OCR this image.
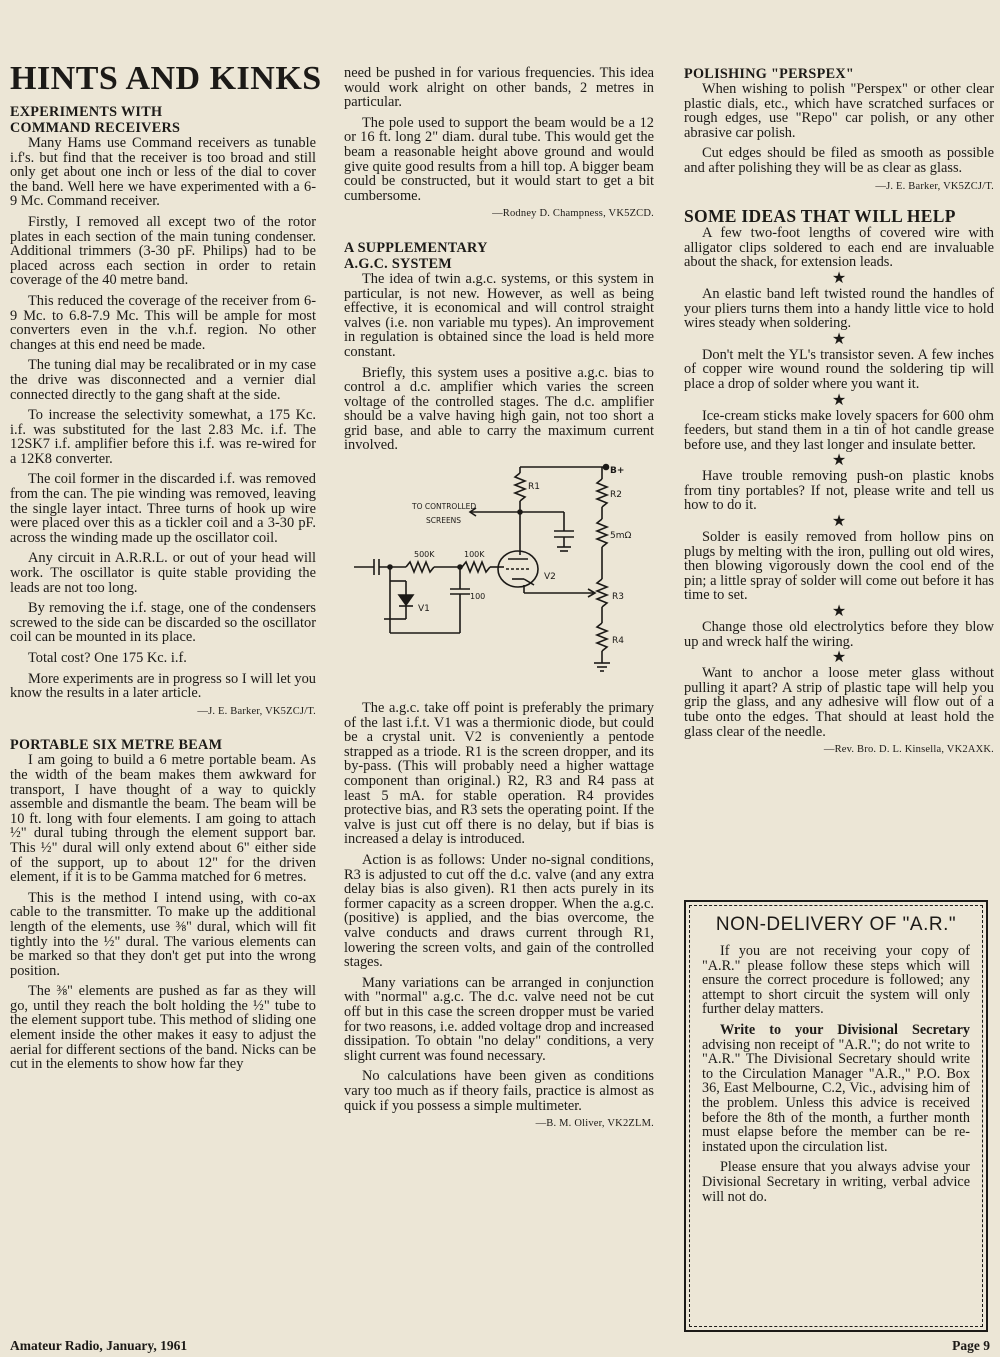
HINTS AND KINKS
EXPERIMENTS WITH
COMMAND RECEIVERS

Many Hams use Command receivers as tunable i.f's. but find that the receiver is too broad and still only get about one inch or less of the dial to cover the band. Well here we have experimented with a 6-9 Mc. Command receiver.

Firstly, I removed all except two of the rotor plates in each section of the main tuning condenser. Additional trimmers (3-30 pF. Philips) had to be placed across each section in order to retain coverage of the 40 metre band.

This reduced the coverage of the receiver from 6-9 Mc. to 6.8-7.9 Mc. This will be ample for most converters even in the v.h.f. region. No other changes at this end need be made.

The tuning dial may be recalibrated or in my case the drive was disconnected and a vernier dial connected directly to the gang shaft at the side.

To increase the selectivity somewhat, a 175 Kc. i.f. was substituted for the last 2.83 Mc. i.f. The 12SK7 i.f. amplifier before this i.f. was re-wired for a 12K8 converter.

The coil former in the discarded i.f. was removed from the can. The pie winding was removed, leaving the single layer intact. Three turns of hook up wire were placed over this as a tickler coil and a 3-30 pF. across the winding made up the oscillator coil.

Any circuit in A.R.R.L. or out of your head will work. The oscillator is quite stable providing the leads are not too long.

By removing the i.f. stage, one of the condensers screwed to the side can be discarded so the oscillator coil can be mounted in its place.

Total cost? One 175 Kc. i.f.

More experiments are in progress so I will let you know the results in a later article.

—J. E. Barker, VK5ZCJ/T.

PORTABLE SIX METRE BEAM

I am going to build a 6 metre portable beam. As the width of the beam makes them awkward for transport, I have thought of a way to quickly assemble and dismantle the beam. The beam will be 10 ft. long with four elements. I am going to attach ½" dural tubing through the element support bar. This ½" dural will only extend about 6" either side of the support, up to about 12" for the driven element, if it is to be Gamma matched for 6 metres.

This is the method I intend using, with co-ax cable to the transmitter. To make up the additional length of the elements, use ⅜" dural, which will fit tightly into the ½" dural. The various elements can be marked so that they don't get put into the wrong position.

The ⅜" elements are pushed as far as they will go, until they reach the bolt holding the ½" tube to the element support tube. This method of sliding one element inside the other makes it easy to adjust the aerial for different sections of the band. Nicks can be cut in the elements to show how far they

need be pushed in for various frequencies. This idea would work alright on other bands, 2 metres in particular.

The pole used to support the beam would be a 12 or 16 ft. long 2" diam. dural tube. This would get the beam a reasonable height above ground and would give quite good results from a hill top. A bigger beam could be constructed, but it would start to get a bit cumbersome.

—Rodney D. Champness, VK5ZCD.

A SUPPLEMENTARY
A.G.C. SYSTEM

The idea of twin a.g.c. systems, or this system in particular, is not new. However, as well as being effective, it is economical and will control straight valves (i.e. non variable mu types). An improvement in regulation is obtained since the load is held more constant.

Briefly, this system uses a positive a.g.c. bias to control a d.c. amplifier which varies the screen voltage of the controlled stages. The d.c. amplifier should be a valve having high gain, not too short a grid base, and able to carry the maximum current involved.

B+
R1
R2
5mΩ
TO CONTROLLED
SCREENS
500K	100K
V2
V1
100	R3
R4

The a.g.c. take off point is preferably the primary of the last i.f.t. V1 was a thermionic diode, but could be a crystal unit. V2 is conveniently a pentode strapped as a triode. R1 is the screen dropper, and its by-pass. (This will probably need a higher wattage component than original.) R2, R3 and R4 pass at least 5 mA. for stable operation. R4 provides protective bias, and R3 sets the operating point. If the valve is just cut off there is no delay, but if bias is increased a delay is introduced.

Action is as follows: Under no-signal conditions, R3 is adjusted to cut off the d.c. valve (and any extra delay bias is also given). R1 then acts purely in its former capacity as a screen dropper. When the a.g.c. (positive) is applied, and the bias overcome, the valve conducts and draws current through R1, lowering the screen volts, and gain of the controlled stages.

Many variations can be arranged in conjunction with "normal" a.g.c. The d.c. valve need not be cut off but in this case the screen dropper must be varied for two reasons, i.e. added voltage drop and increased dissipation. To obtain "no delay" conditions, a very slight current was found necessary.

No calculations have been given as conditions vary too much as if theory fails, practice is almost as quick if you possess a simple multimeter.

—B. M. Oliver, VK2ZLM.

POLISHING "PERSPEX"

When wishing to polish "Perspex" or other clear plastic dials, etc., which have scratched surfaces or rough edges, use "Repo" car polish, or any other abrasive car polish.

Cut edges should be filed as smooth as possible and after polishing they will be as clear as glass.

—J. E. Barker, VK5ZCJ/T.

SOME IDEAS THAT WILL HELP

A few two-foot lengths of covered wire with alligator clips soldered to each end are invaluable about the shack, for extension leads.

★

An elastic band left twisted round the handles of your pliers turns them into a handy little vice to hold wires steady when soldering.

★

Don't melt the YL's transistor seven. A few inches of copper wire wound round the soldering tip will place a drop of solder where you want it.

★

Ice-cream sticks make lovely spacers for 600 ohm feeders, but stand them in a tin of hot candle grease before use, and they last longer and insulate better.

★

Have trouble removing push-on plastic knobs from tiny portables? If not, please write and tell us how to do it.

★

Solder is easily removed from hollow pins on plugs by melting with the iron, pulling out old wires, then blowing vigorously down the cool end of the pin; a little spray of solder will come out before it has time to set.

★

Change those old electrolytics before they blow up and wreck half the wiring.

★

Want to anchor a loose meter glass without pulling it apart? A strip of plastic tape will help you grip the glass, and any adhesive will flow out of a tube onto the edges. That should at least hold the glass clear of the needle.

—Rev. Bro. D. L. Kinsella, VK2AXK.

NON-DELIVERY OF "A.R."

If you are not receiving your copy of "A.R." please follow these steps which will ensure the correct procedure is followed; any attempt to short circuit the system will only further delay matters.

Write to your Divisional Secretary advising non receipt of "A.R."; do not write to "A.R." The Divisional Secretary should write to the Circulation Manager "A.R.," P.O. Box 36, East Melbourne, C.2, Vic., advising him of the problem. Unless this advice is received before the 8th of the month, a further month must elapse before the member can be re-instated upon the circulation list.

Please ensure that you always advise your Divisional Secretary in writing, verbal advice will not do.

Amateur Radio, January, 1961	Page 9
